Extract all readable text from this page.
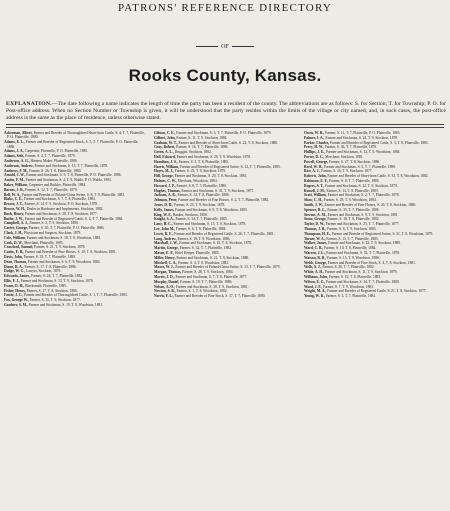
PATRONS' REFERENCE DIRECTORY
OF
Rooks County, Kansas.
EXPLANATION.—The date following a name indicates the length of time the party has been a resident of the county. The abbreviations are as follows: S. for Section; T. for Township; P. O. for Post-office address. When no Section Number or Township is given, it will be understood that the party resides within the limits of the village or city named, and, in such cases, the post-office address is the same as the place of residence, unless otherwise stated.
Ackerman, Albert, Farmer and Breeder of Thoroughbred Short-horn Cattle, S. 4, T. 7, Plainville, P. O. Plainville, 1880.
Adams, E. L., Farmer and Breeder of Registered Stock, S. 5, T. 7, Plainville, P. O. Plainville, 1886.
Adams, J. A., Carpenter, Plainville, P. O. Plainville, 1885.
Adams, Seth, Farmer, S. 4, T. 7, Plainville, 1879.
Anderson, A. G., Harness Maker, Plainville, 1886.
Anderson, Andrew, Farmer and Stockman, S. 15, T. 7, Plainville, 1878.
Andrews, F. M., Farmer, S. 26, T. 8, Plainville, 1880.
Arnold, J. W., Farmer and Stockman, S. 9, T. 8, Plainville, P. O. Plainville, 1886.
Austin, F. M., Farmer and Stockman, S. 4, T. 9, Waldo, P. O. Waldo, 1883.
Baker, William, Carpenter and Builder, Plainville, 1884.
Barnes, J. B., Farmer, S. 12, T. 7, Plainville, 1879.
Bell, W. A., Farmer and Breeder of Poland-China Swine, S. 8, T. 9, Plainville, 1881.
Blake, C. E., Farmer and Stockman, S. 7, T. 8, Plainville, 1885.
Brown, J. T., Farmer, S. 14, T. 9, Stockton, P. O. Stockton, 1878.
Brown, W. H., Dealer in Hardware and Implements, Stockton, 1882.
Bush, Henry, Farmer and Stockman, S. 28, T. 8, Stockton, 1877.
Butler, J. W., Farmer and Breeder of Registered Cattle, S. 4, T. 7, Plainville, 1884.
Campbell, A. J., Farmer, S. 2, T. 9, Stockton, 1880.
Carter, George, Farmer, S. 30, T. 7, Plainville, P. O. Plainville, 1886.
Clark, J. H., Physician and Surgeon, Stockton, 1879.
Cole, William, Farmer and Stockman, S. 18, T. 8, Woodston, 1883.
Cook, D. W., Merchant, Plainville, 1885.
Crawford, Samuel, Farmer, S. 21, T. 9, Stockton, 1878.
Curtis, E. B., Farmer and Breeder of Fine Horses, S. 10, T. 8, Stockton, 1881.
Davis, John, Farmer, S. 33, T. 7, Plainville, 1880.
Dean, Thomas, Farmer and Stockman, S. 6, T. 9, Woodston, 1884.
Dixon, R. A., Farmer, S. 17, T. 8, Plainville, 1886.
Dodge, W. C., Lawyer, Stockton, 1879.
Edwards, James, Farmer, S. 24, T. 7, Plainville, 1882.
Ellis, F. J., Farmer and Stockman, S. 13, T. 9, Stockton, 1878.
Evans, D. H., Blacksmith, Plainville, 1885.
Fisher, Henry, Farmer, S. 27, T. 8, Stockton, 1880.
Foster, J. C., Farmer and Breeder of Thoroughbred Cattle, S. 1, T. 7, Plainville, 1883.
Fox, George W., Farmer, S. 35, T. 9, Stockton, 1877.
Gardner, S. M., Farmer and Stockman, S. 19, T. 8, Woodston, 1881.
Gibson, C. E., Farmer and Stockman, S. 3, T. 7, Plainville, P. O. Plainville, 1879.
Gilbert, John, Farmer, S. 11, T. 9, Stockton, 1884.
Graham, W. T., Farmer and Breeder of Short-horn Cattle, S. 22, T. 8, Stockton, 1880.
Gray, Robert, Farmer, S. 16, T. 7, Plainville, 1886.
Green, A. L., Druggist, Stockton, 1882.
Hall, Edward, Farmer and Stockman, S. 29, T. 9, Woodston, 1878.
Hamilton, J. S., Farmer, S. 5, T. 8, Plainville, 1883.
Harris, William, Farmer and Breeder of Registered Swine, S. 12, T. 7, Plainville, 1885.
Hayes, M. J., Farmer, S. 25, T. 9, Stockton, 1879.
Hill, George, Farmer and Stockman, S. 20, T. 8, Stockton, 1881.
Holmes, C. W., Merchant, Woodston, 1884.
Howard, J. P., Farmer, S. 8, T. 7, Plainville, 1880.
Hughes, Thomas, Farmer and Stockman, S. 31, T. 9, Stockton, 1877.
Jackson, A. B., Farmer, S. 14, T. 8, Plainville, 1886.
Johnson, Peter, Farmer and Breeder of Fine Horses, S. 2, T. 7, Plainville, 1882.
Jones, D. R., Farmer, S. 23, T. 9, Stockton, 1878.
Kelly, James, Farmer and Stockman, S. 9, T. 8, Woodston, 1883.
King, W. F., Banker, Stockton, 1880.
Knight, S. A., Farmer, S. 34, T. 7, Plainville, 1885.
Lane, H. C., Farmer and Stockman, S. 15, T. 9, Stockton, 1879.
Lee, John M., Farmer, S. 6, T. 8, Plainville, 1884.
Lewis, R. E., Farmer and Breeder of Registered Cattle, S. 26, T. 7, Plainville, 1881.
Long, Andrew, Farmer, S. 18, T. 9, Woodston, 1886.
Marshall, J. W., Farmer and Stockman, S. 10, T. 8, Stockton, 1878.
Martin, George, Farmer, S. 32, T. 7, Plainville, 1882.
Mason, E. P., Hotel Keeper, Plainville, 1885.
Miller, Henry, Farmer and Stockman, S. 21, T. 9, Stockton, 1880.
Mitchell, C. A., Farmer, S. 4, T. 8, Woodston, 1883.
Moore, W. J., Farmer and Breeder of Poland-China Swine, S. 13, T. 7, Plainville, 1879.
Morgan, Thomas, Farmer, S. 28, T. 9, Stockton, 1884.
Morris, J. D., Farmer and Stockman, S. 7, T. 8, Plainville, 1877.
Murphy, Daniel, Farmer, S. 19, T. 7, Plainville, 1886.
Nelson, A. O., Farmer and Stockman, S. 30, T. 9, Stockton, 1881.
Newton, S. B., Farmer, S. 1, T. 8, Woodston, 1882.
Norris, F. L., Farmer and Breeder of Fine Stock, S. 17, T. 7, Plainville, 1880.
Owen, W. R., Farmer, S. 11, T. 7, Plainville, P. O. Plainville, 1885.
Palmer, J. A., Farmer and Stockman, S. 24, T. 9, Stockton, 1878.
Parker, Charles, Farmer and Breeder of Registered Cattle, S. 3, T. 8, Plainville, 1883.
Perry, H. W., Farmer, S. 36, T. 7, Plainville, 1879.
Phillips, J. E., Farmer and Stockman, S. 12, T. 9, Woodston, 1884.
Porter, D. C., Merchant, Stockton, 1881.
Powell, George, Farmer, S. 27, T. 8, Stockton, 1886.
Reed, W. H., Farmer and Stockman, S. 5, T. 7, Plainville, 1880.
Rice, A. J., Farmer, S. 16, T. 9, Stockton, 1877.
Roberts, John, Farmer and Breeder of Short-horn Cattle, S. 33, T. 8, Woodston, 1882.
Robinson, E. F., Farmer, S. 8, T. 7, Plainville, 1885.
Rogers, S. T., Farmer and Stockman, S. 22, T. 9, Stockton, 1879.
Russell, J. M., Farmer, S. 14, T. 8, Plainville, 1883.
Scott, William, Farmer and Stockman, S. 2, T. 7, Plainville, 1878.
Shaw, C. H., Farmer, S. 29, T. 9, Woodston, 1884.
Smith, J. W., Farmer and Breeder of Fine Horses, S. 20, T. 8, Stockton, 1880.
Spencer, R. L., Farmer, S. 35, T. 7, Plainville, 1886.
Stevens, A. M., Farmer and Stockman, S. 9, T. 9, Stockton, 1881.
Stone, George, Farmer, S. 18, T. 8, Plainville, 1882.
Taylor, D. W., Farmer and Stockman, S. 25, T. 7, Plainville, 1877.
Thomas, J. R., Farmer, S. 6, T. 9, Stockton, 1885.
Thompson, H. E., Farmer and Breeder of Registered Swine, S. 31, T. 8, Woodston, 1879.
Turner, W. A., Farmer, S. 13, T. 7, Plainville, 1883.
Walker, James, Farmer and Stockman, S. 23, T. 9, Stockton, 1880.
Ward, C. B., Farmer, S. 10, T. 8, Plainville, 1884.
Warren, J. L., Farmer and Stockman, S. 32, T. 7, Plainville, 1878.
Watson, R. D., Farmer, S. 15, T. 9, Woodston, 1886.
Webb, George, Farmer and Breeder of Fine Stock, S. 4, T. 8, Stockton, 1881.
Wells, S. J., Farmer, S. 26, T. 7, Plainville, 1882.
White, A. H., Farmer and Stockman, S. 11, T. 9, Stockton, 1879.
Williams, John, Farmer, S. 19, T. 8, Plainville, 1885.
Wilson, E. C., Farmer and Stockman, S. 34, T. 7, Plainville, 1880.
Wood, J. F., Farmer, S. 7, T. 9, Woodston, 1883.
Wright, M. A., Farmer and Breeder of Registered Cattle, S. 21, T. 8, Stockton, 1877.
Young, W. B., Farmer, S. 3, T. 7, Plainville, 1884.
